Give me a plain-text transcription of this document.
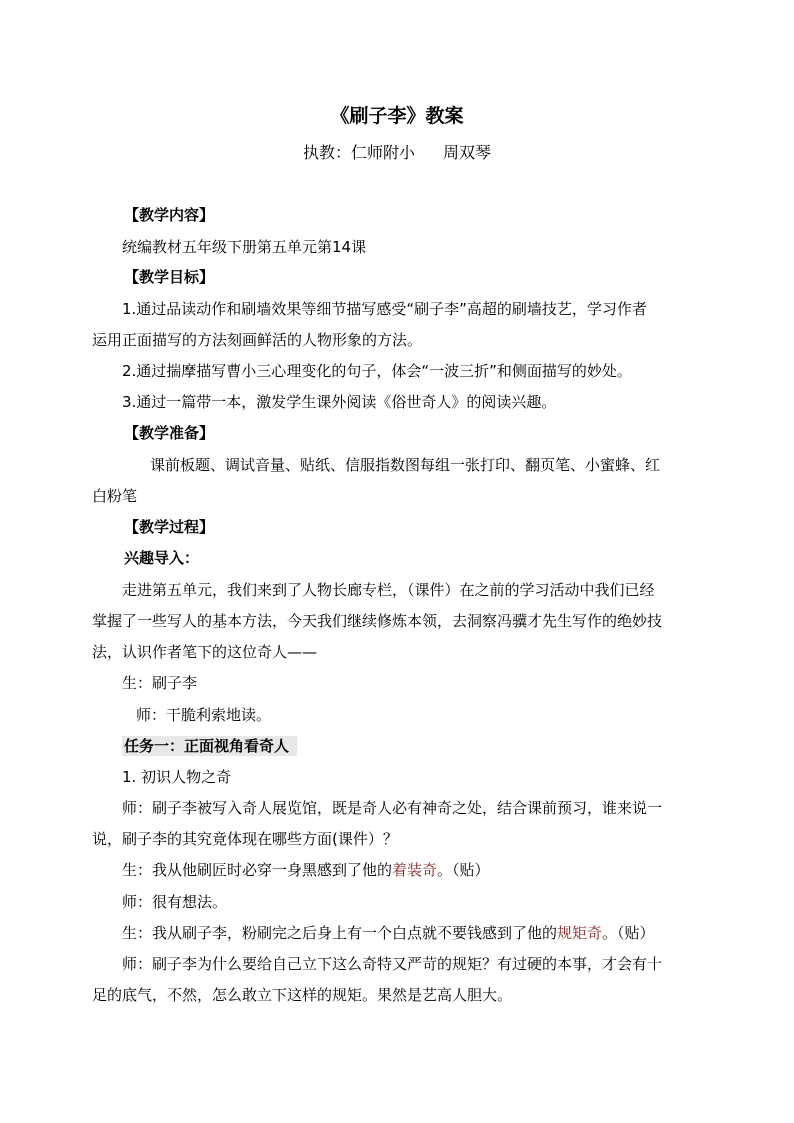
《刷子李》教案
执教：仁师附小 周双琴
【教学内容】
统编教材五年级下册第五单元第14课
【教学目标】
1.通过品读动作和刷墙效果等细节描写感受“刷子李”高超的刷墙技艺，学习作者
运用正面描写的方法刻画鲜活的人物形象的方法。
2.通过揣摩描写曹小三心理变化的句子，体会“一波三折”和侧面描写的妙处。
3.通过一篇带一本，激发学生课外阅读《俗世奇人》的阅读兴趣。
【教学准备】
课前板题、调试音量、贴纸、信服指数图每组一张打印、翻页笔、小蜜蜂、红
白粉笔
【教学过程】
兴趣导入：
走进第五单元，我们来到了人物长廊专栏，（课件）在之前的学习活动中我们已经
掌握了一些写人的基本方法，今天我们继续修炼本领，去洞察冯骥才先生写作的绝妙技
法，认识作者笔下的这位奇人——
生：刷子李
师：干脆利索地读。
任务一：正面视角看奇人
1. 初识人物之奇
师：刷子李被写入奇人展览馆，既是奇人必有神奇之处，结合课前预习，谁来说一
说，刷子李的其究竟体现在哪些方面(课件）？
生：我从他刷匠时必穿一身黑感到了他的着装奇。（贴）
师：很有想法。
生：我从刷子李，粉刷完之后身上有一个白点就不要钱感到了他的规矩奇。（贴）
师：刷子李为什么要给自己立下这么奇特又严苛的规矩？有过硬的本事，才会有十
足的底气，不然，怎么敢立下这样的规矩。果然是艺高人胆大。
